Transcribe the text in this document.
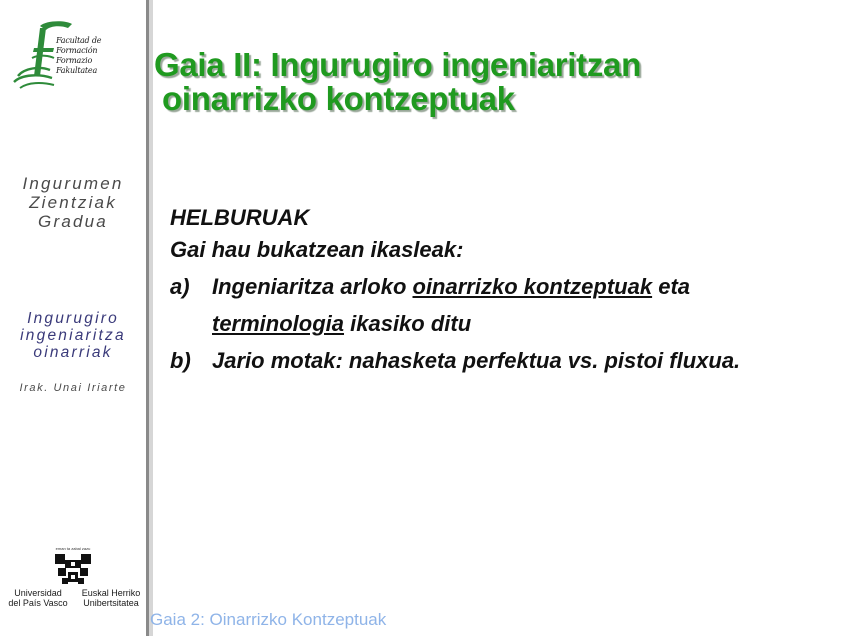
Facultad de Formación
Formazio Fakultatea
Ingurumen
Zientziak
Gradua
Ingurugiro
ingeniaritza
oinarriak
Irak. Unai Iriarte
eman ta zabal zazu
Universidad
del País Vasco
Euskal Herriko
Unibertsitatea
Gaia II: Ingurugiro ingeniaritzan
oinarrizko kontzeptuak
HELBURUAK
Gai hau bukatzean ikasleak:
a) Ingeniaritza arloko oinarrizko kontzeptuak eta
terminologia ikasiko ditu
b) Jario motak: nahasketa perfektua vs. pistoi fluxua.
Gaia 2: Oinarrizko Kontzeptuak
